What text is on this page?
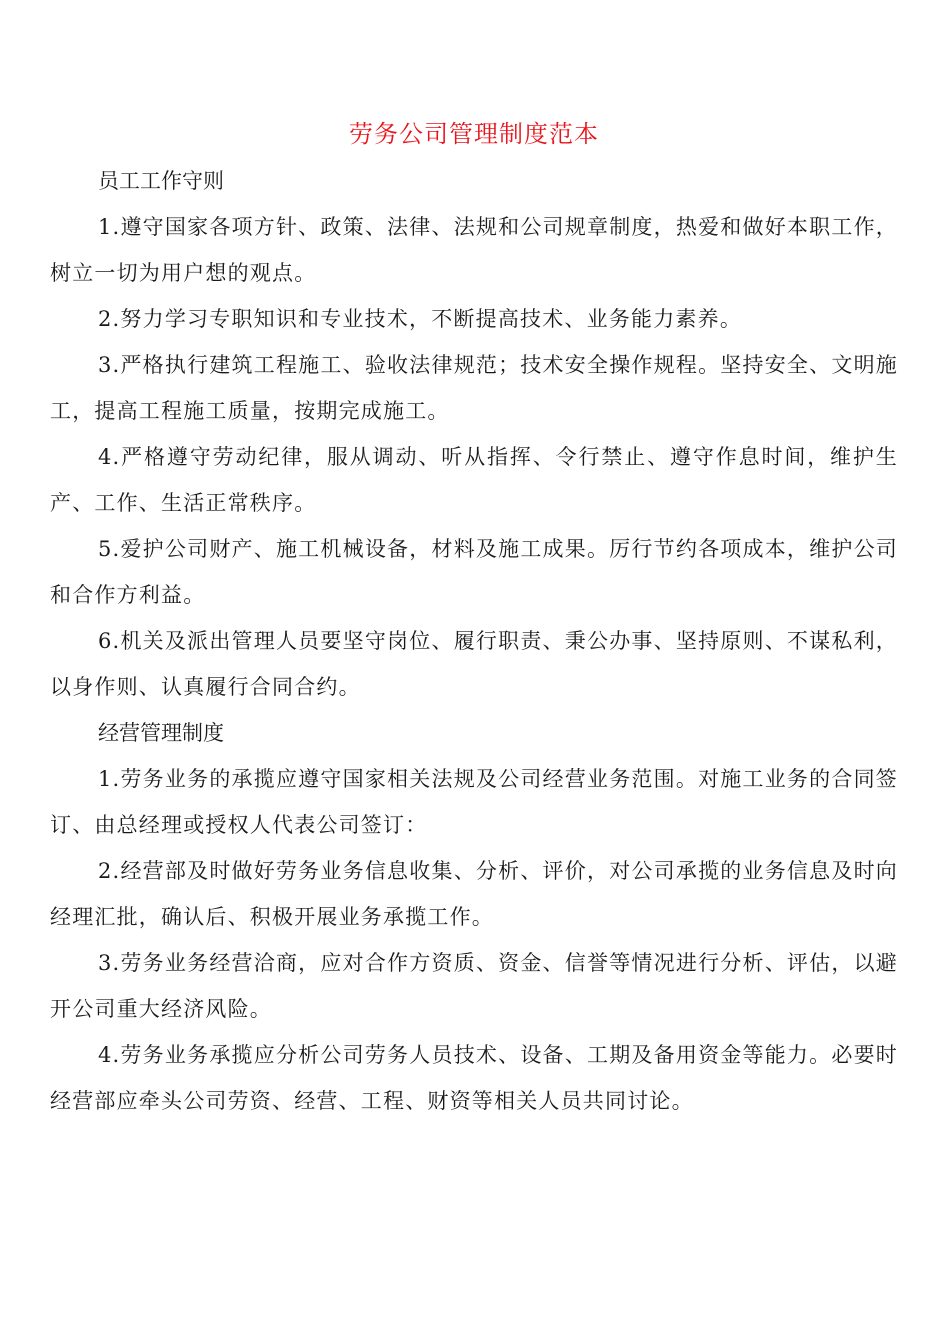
劳务公司管理制度范本

员工工作守则

1.遵守国家各项方针、政策、法律、法规和公司规章制度，热爱和做好本职工作，树立一切为用户想的观点。

2.努力学习专职知识和专业技术，不断提高技术、业务能力素养。

3.严格执行建筑工程施工、验收法律规范；技术安全操作规程。坚持安全、文明施工，提高工程施工质量，按期完成施工。

4.严格遵守劳动纪律，服从调动、听从指挥、令行禁止、遵守作息时间，维护生产、工作、生活正常秩序。

5.爱护公司财产、施工机械设备，材料及施工成果。厉行节约各项成本，维护公司和合作方利益。

6.机关及派出管理人员要坚守岗位、履行职责、秉公办事、坚持原则、不谋私利，以身作则、认真履行合同合约。

经营管理制度

1.劳务业务的承揽应遵守国家相关法规及公司经营业务范围。对施工业务的合同签订、由总经理或授权人代表公司签订：

2.经营部及时做好劳务业务信息收集、分析、评价，对公司承揽的业务信息及时向经理汇批，确认后、积极开展业务承揽工作。

3.劳务业务经营洽商，应对合作方资质、资金、信誉等情况进行分析、评估，以避开公司重大经济风险。

4.劳务业务承揽应分析公司劳务人员技术、设备、工期及备用资金等能力。必要时经营部应牵头公司劳资、经营、工程、财资等相关人员共同讨论。
